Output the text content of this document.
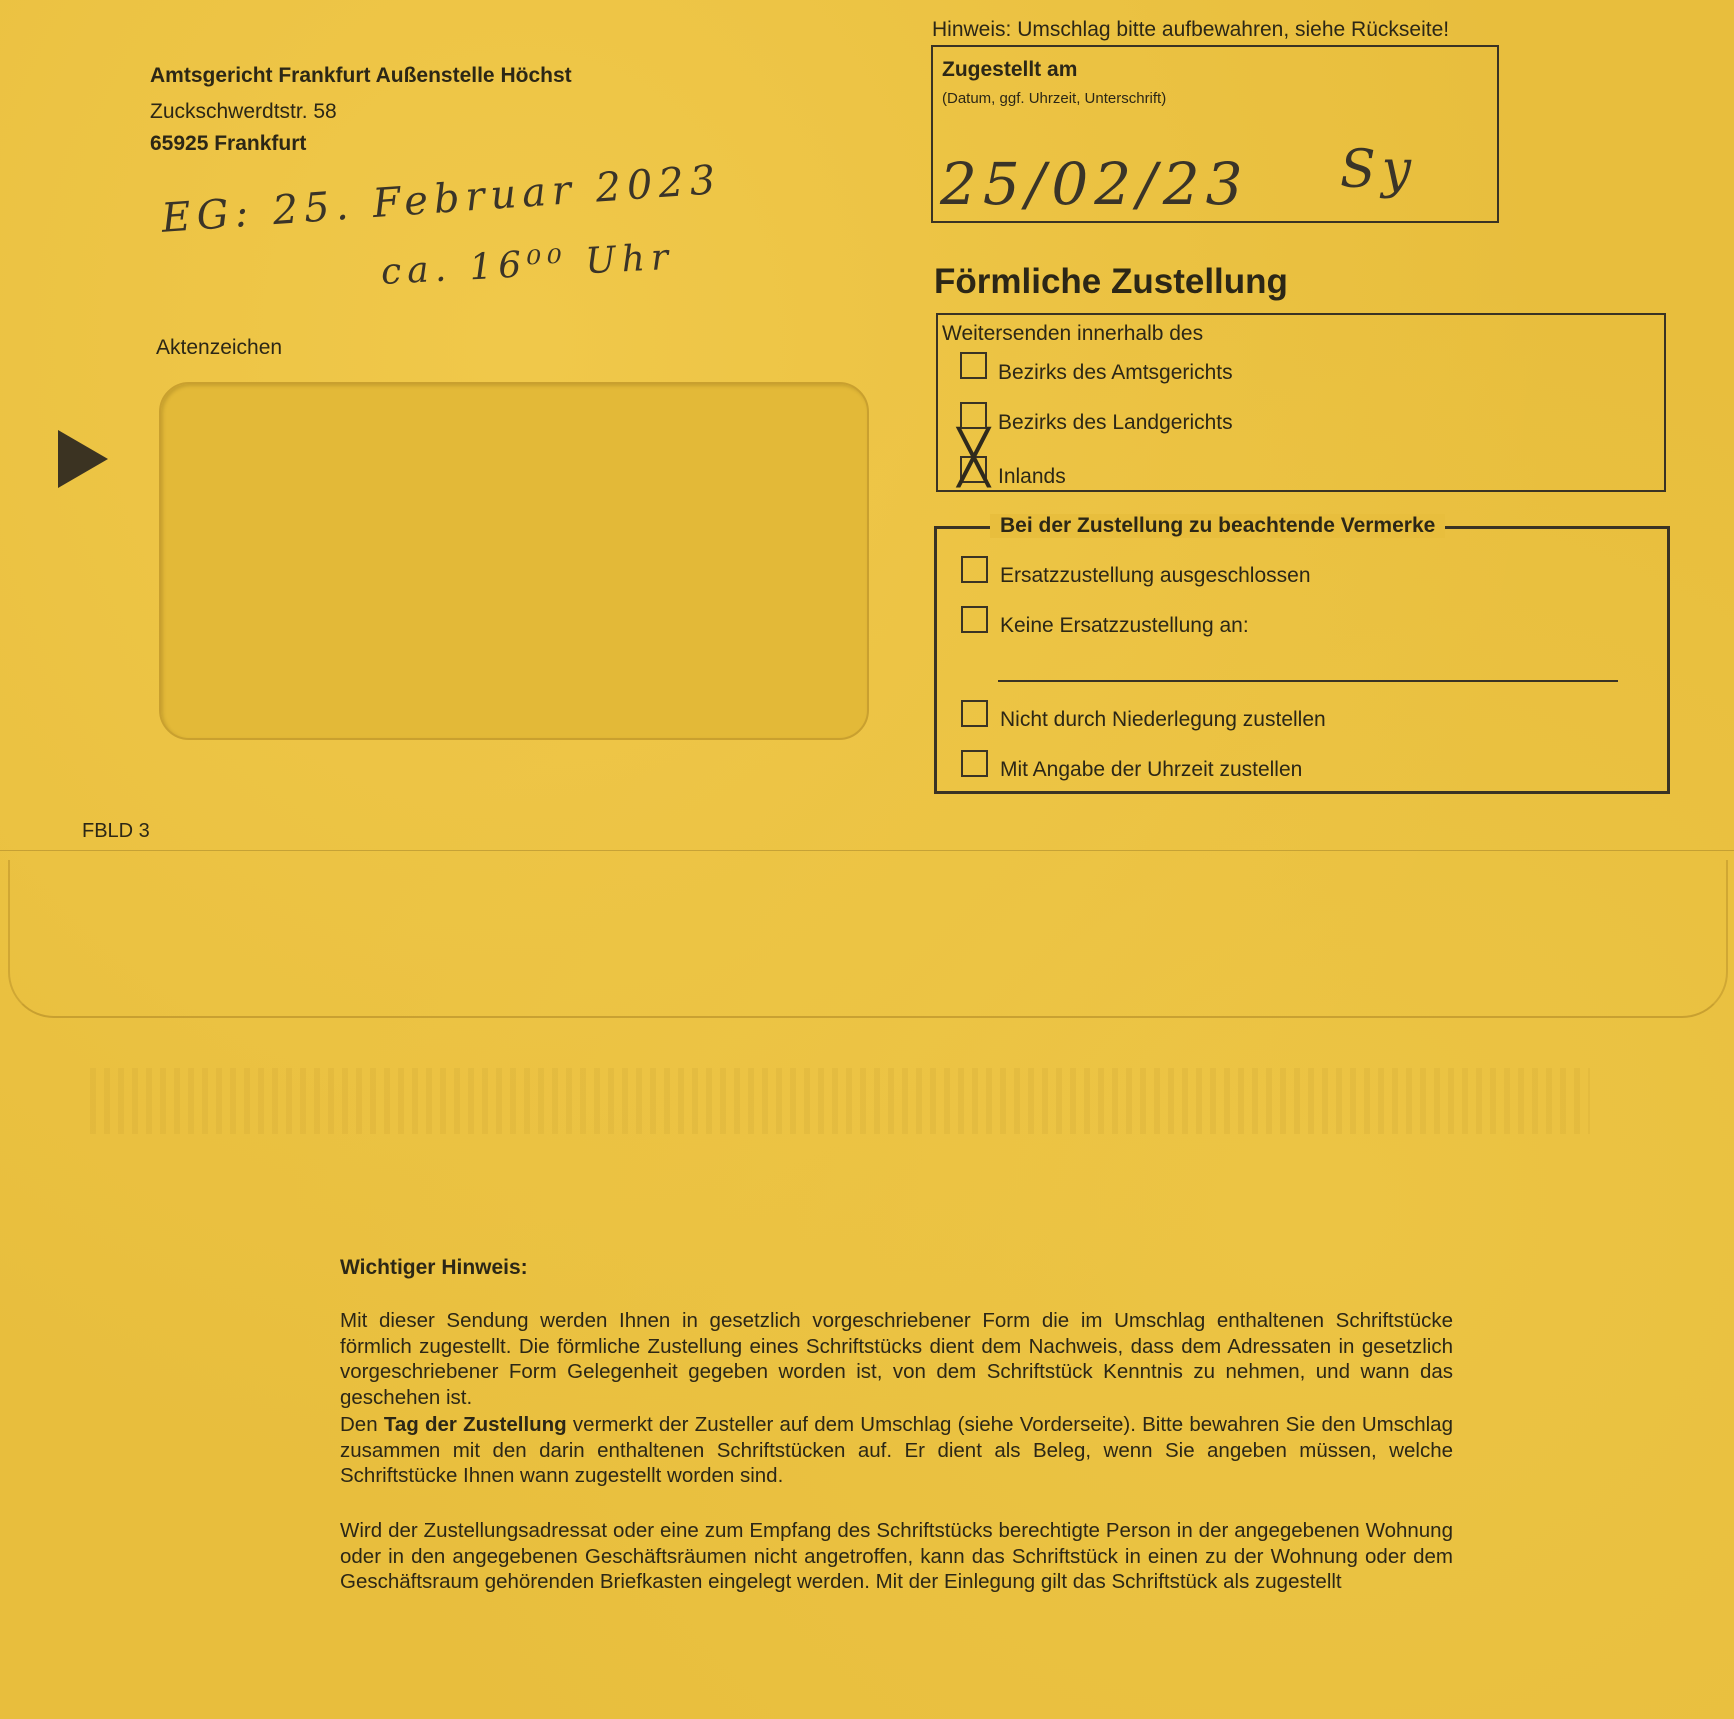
Amtsgericht Frankfurt Außenstelle Höchst
Zuckschwerdtstr. 58
65925 Frankfurt
EG: 25. Februar 2023
ca. 16⁰⁰ Uhr
Aktenzeichen
FBLD 3
Hinweis: Umschlag bitte aufbewahren, siehe Rückseite!
Zugestellt am
(Datum, ggf. Uhrzeit, Unterschrift)
25/02/23 Sy
Förmliche Zustellung
Weitersenden innerhalb des
Bezirks des Amtsgerichts
Bezirks des Landgerichts
╳ Inlands
Bei der Zustellung zu beachtende Vermerke
Ersatzzustellung ausgeschlossen
Keine Ersatzzustellung an:
Nicht durch Niederlegung zustellen
Mit Angabe der Uhrzeit zustellen
Wichtiger Hinweis:
Mit dieser Sendung werden Ihnen in gesetzlich vorgeschriebener Form die im Umschlag enthaltenen Schriftstücke förmlich zugestellt. Die förmliche Zustellung eines Schriftstücks dient dem Nachweis, dass dem Adressaten in gesetzlich vorgeschriebener Form Gelegenheit gegeben worden ist, von dem Schriftstück Kenntnis zu nehmen, und wann das geschehen ist.
Den Tag der Zustellung vermerkt der Zusteller auf dem Umschlag (siehe Vorderseite). Bitte bewahren Sie den Umschlag zusammen mit den darin enthaltenen Schriftstücken auf. Er dient als Beleg, wenn Sie angeben müssen, welche Schriftstücke Ihnen wann zugestellt worden sind.
Wird der Zustellungsadressat oder eine zum Empfang des Schriftstücks berechtigte Person in der angegebenen Wohnung oder in den angegebenen Geschäftsräumen nicht angetroffen, kann das Schriftstück in einen zu der Wohnung oder dem Geschäftsraum gehörenden Briefkasten eingelegt werden. Mit der Einlegung gilt das Schriftstück als zugestellt
